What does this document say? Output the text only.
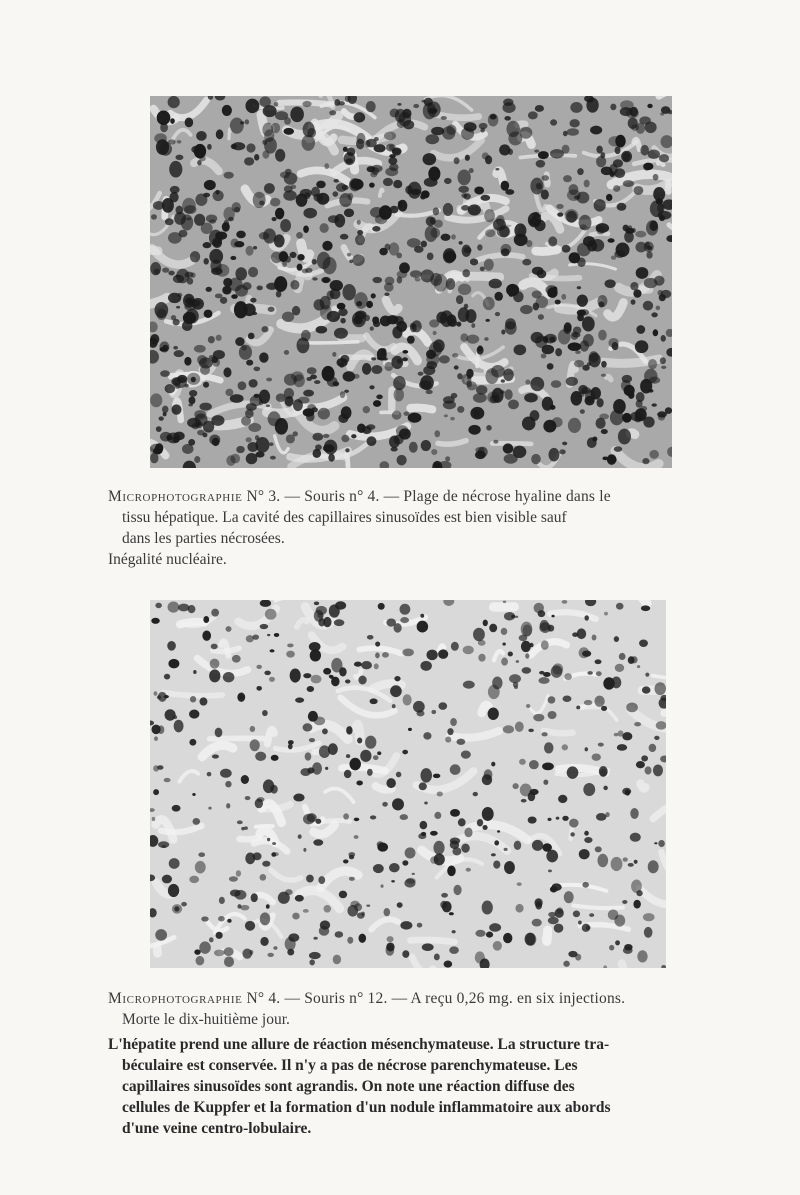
Microphotographie N° 3. — Souris n° 4. — Plage de nécrose hyaline dans le

tissu hépatique. La cavité des capillaires sinusoïdes est bien visible sauf

dans les parties nécrosées.

Inégalité nucléaire.

Microphotographie N° 4. — Souris n° 12. — A reçu 0,26 mg. en six injections.

Morte le dix-huitième jour.

L'hépatite prend une allure de réaction mésenchymateuse. La structure tra-

béculaire est conservée. Il n'y a pas de nécrose parenchymateuse. Les

capillaires sinusoïdes sont agrandis. On note une réaction diffuse des

cellules de Kuppfer et la formation d'un nodule inflammatoire aux abords

d'une veine centro-lobulaire.
